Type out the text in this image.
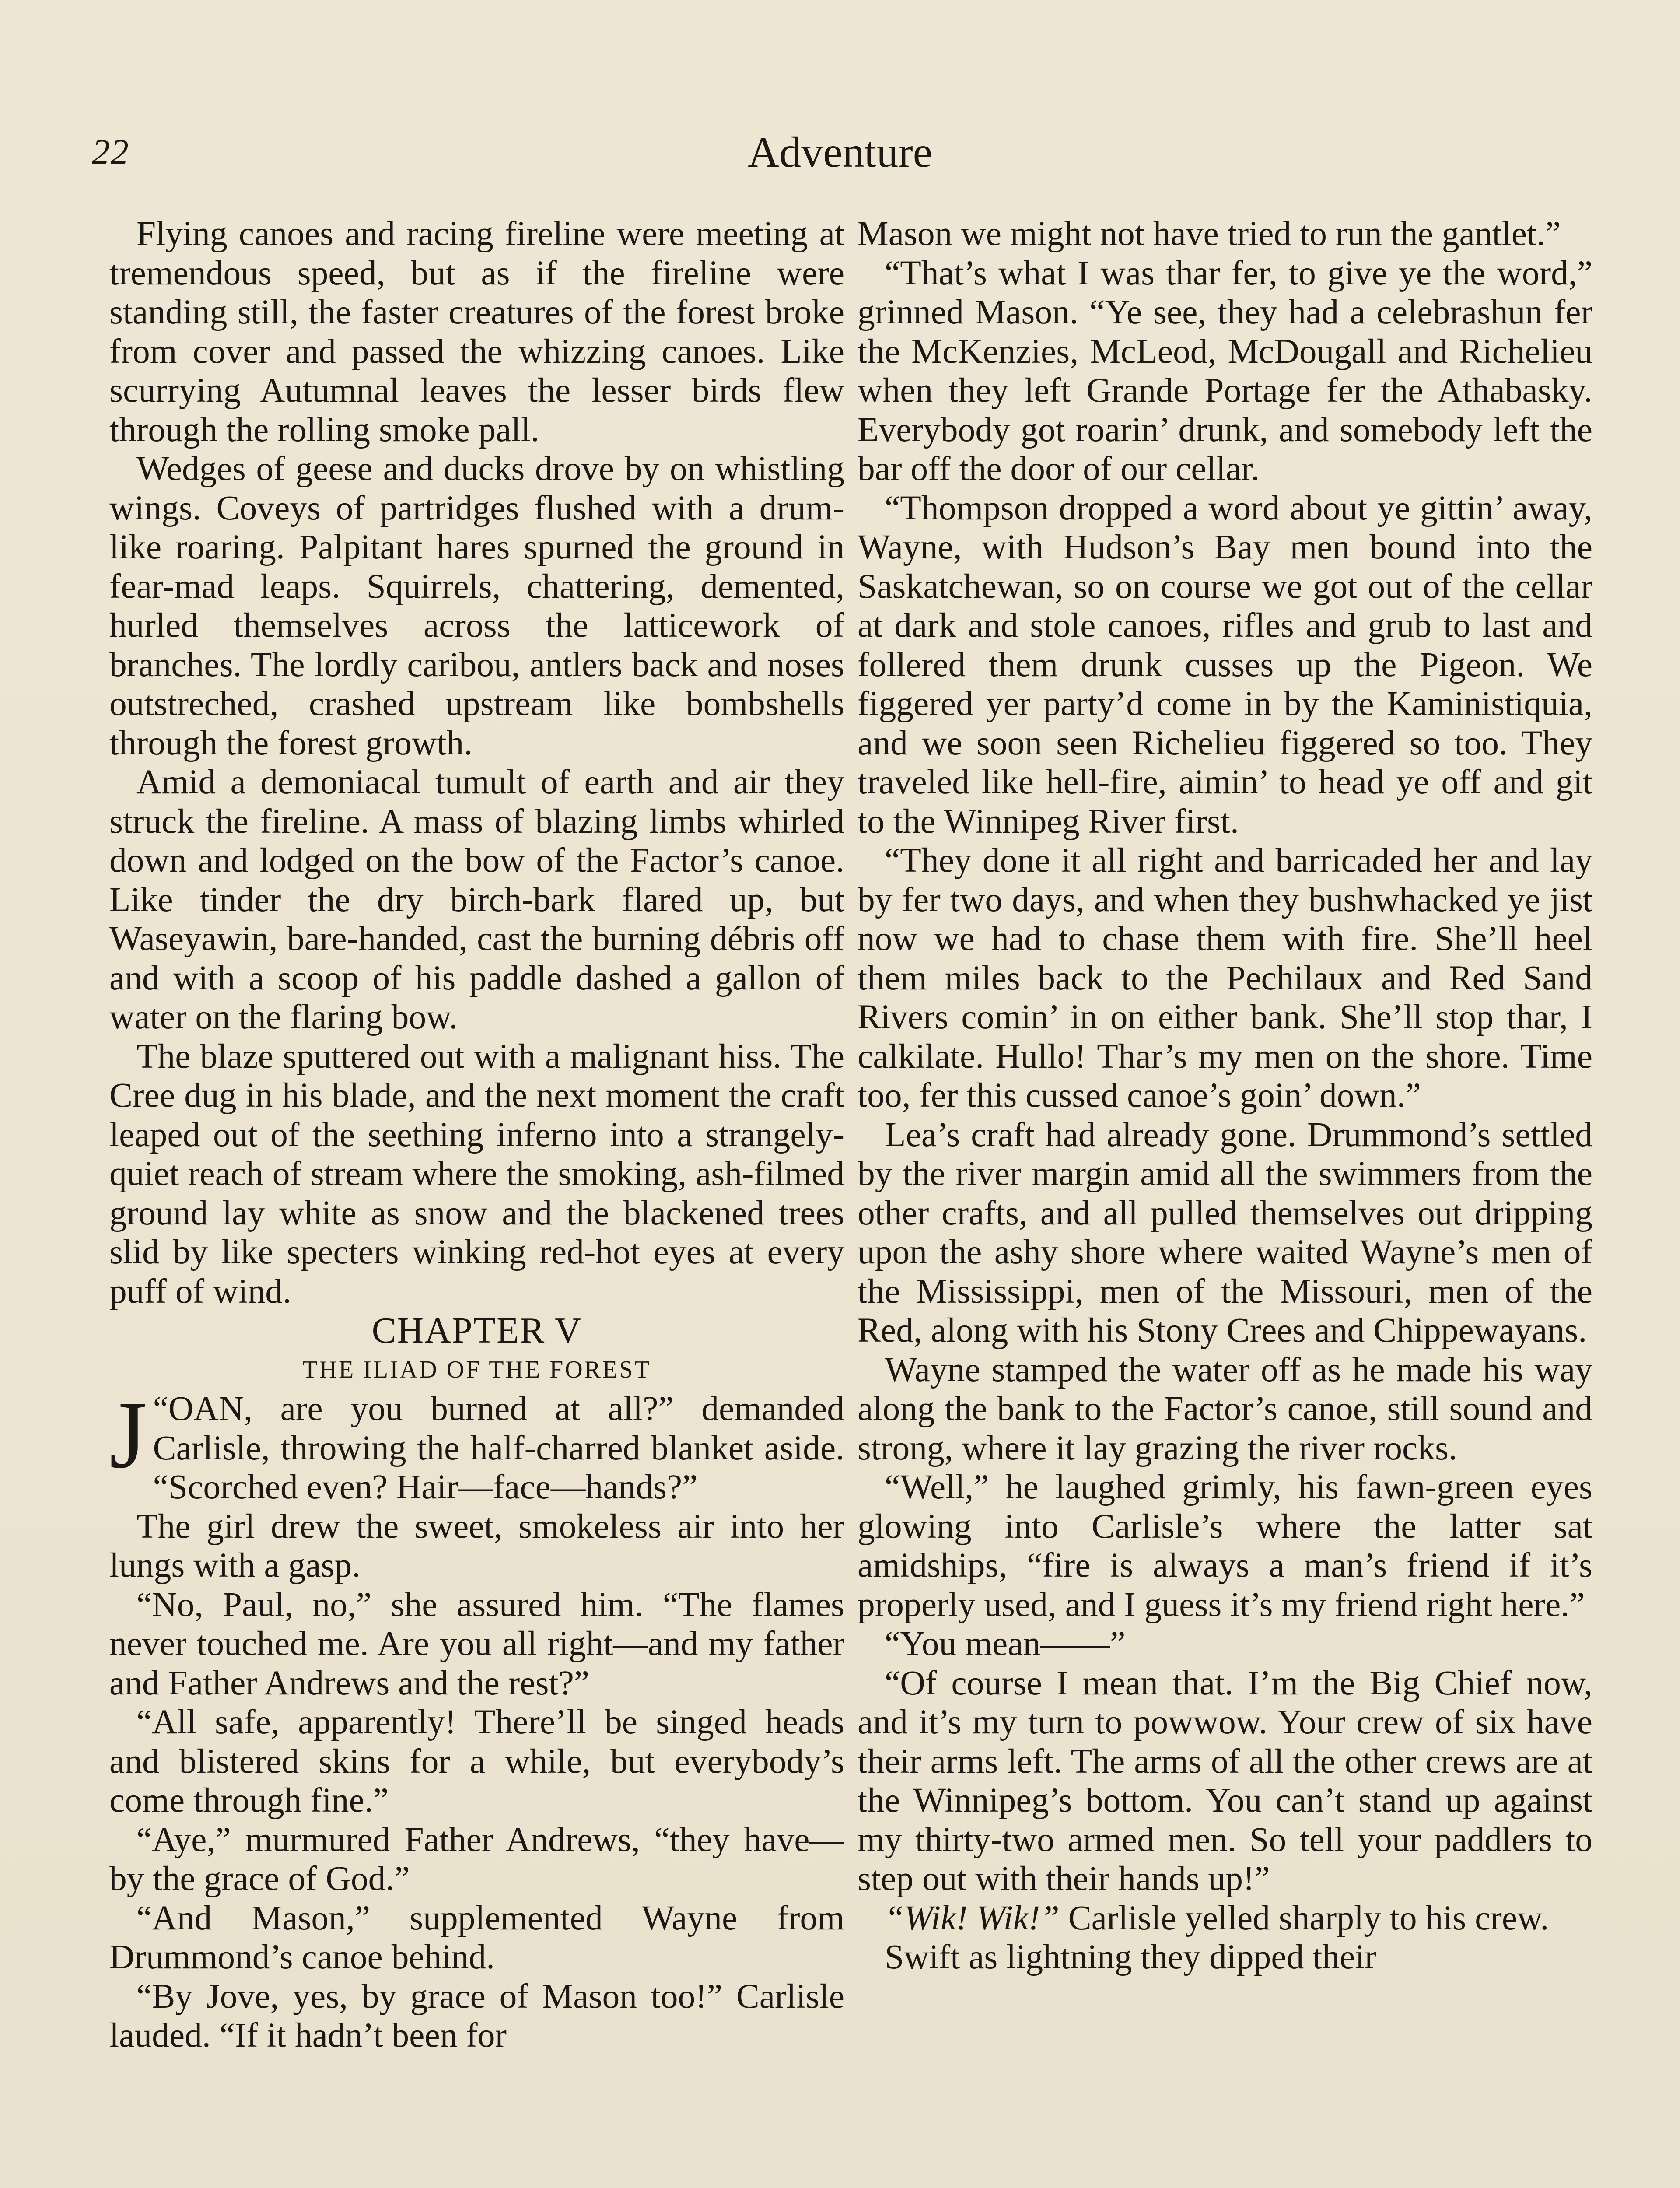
22	Adventure

Flying canoes and racing fireline were meeting at tremendous speed, but as if the fireline were standing still, the faster creatures of the forest broke from cover and passed the whizzing canoes. Like scurrying Autumnal leaves the lesser birds flew through the rolling smoke pall.

Wedges of geese and ducks drove by on whistling wings. Coveys of partridges flushed with a drum-like roaring. Palpitant hares spurned the ground in fear-mad leaps. Squirrels, chattering, demented, hurled themselves across the latticework of branches. The lordly caribou, antlers back and noses outstreched, crashed upstream like bombshells through the forest growth.

Amid a demoniacal tumult of earth and air they struck the fireline. A mass of blazing limbs whirled down and lodged on the bow of the Factor’s canoe. Like tinder the dry birch-bark flared up, but Waseyawin, bare-handed, cast the burning débris off and with a scoop of his paddle dashed a gallon of water on the flaring bow.

The blaze sputtered out with a malignant hiss. The Cree dug in his blade, and the next moment the craft leaped out of the seething inferno into a strangely-quiet reach of stream where the smoking, ash-filmed ground lay white as snow and the blackened trees slid by like specters winking red-hot eyes at every puff of wind.

CHAPTER V

THE ILIAD OF THE FOREST

“
J OAN, are you burned at all?” demanded Carlisle, throwing the half-charred blanket aside. “Scorched even? Hair—face—hands?”

The girl drew the sweet, smokeless air into her lungs with a gasp.

“No, Paul, no,” she assured him. “The flames never touched me. Are you all right—and my father and Father Andrews and the rest?”

“All safe, apparently! There’ll be singed heads and blistered skins for a while, but everybody’s come through fine.”

“Aye,” murmured Father Andrews, “they have—by the grace of God.”

“And Mason,” supplemented Wayne from Drummond’s canoe behind.

“By Jove, yes, by grace of Mason too!” Carlisle lauded. “If it hadn’t been for

Mason we might not have tried to run the gantlet.”

“That’s what I was thar fer, to give ye the word,” grinned Mason. “Ye see, they had a celebrashun fer the McKenzies, McLeod, McDougall and Richelieu when they left Grande Portage fer the Athabasky. Everybody got roarin’ drunk, and somebody left the bar off the door of our cellar.

“Thompson dropped a word about ye gittin’ away, Wayne, with Hudson’s Bay men bound into the Saskatchewan, so on course we got out of the cellar at dark and stole canoes, rifles and grub to last and follered them drunk cusses up the Pigeon. We figgered yer party’d come in by the Kaministiquia, and we soon seen Richelieu figgered so too. They traveled like hell-fire, aimin’ to head ye off and git to the Winnipeg River first.

“They done it all right and barricaded her and lay by fer two days, and when they bushwhacked ye jist now we had to chase them with fire. She’ll heel them miles back to the Pechilaux and Red Sand Rivers comin’ in on either bank. She’ll stop thar, I calkilate. Hullo! Thar’s my men on the shore. Time too, fer this cussed canoe’s goin’ down.”

Lea’s craft had already gone. Drummond’s settled by the river margin amid all the swimmers from the other crafts, and all pulled themselves out dripping upon the ashy shore where waited Wayne’s men of the Mississippi, men of the Missouri, men of the Red, along with his Stony Crees and Chippewayans.

Wayne stamped the water off as he made his way along the bank to the Factor’s canoe, still sound and strong, where it lay grazing the river rocks.

“Well,” he laughed grimly, his fawn-green eyes glowing into Carlisle’s where the latter sat amidships, “fire is always a man’s friend if it’s properly used, and I guess it’s my friend right here.”

“You mean——”

“Of course I mean that. I’m the Big Chief now, and it’s my turn to powwow. Your crew of six have their arms left. The arms of all the other crews are at the Winnipeg’s bottom. You can’t stand up against my thirty-two armed men. So tell your paddlers to step out with their hands up!”

“Wik! Wik!” Carlisle yelled sharply to his crew.

Swift as lightning they dipped their
